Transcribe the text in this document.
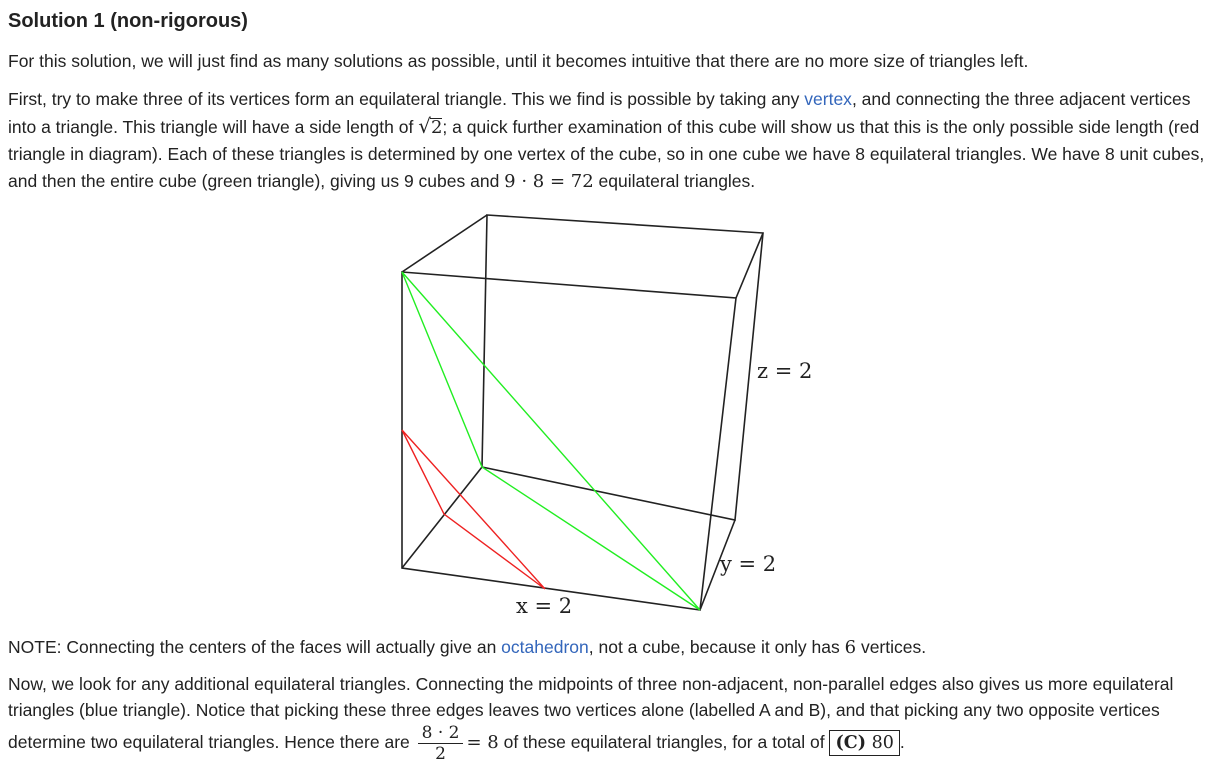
Solution 1 (non-rigorous)

For this solution, we will just find as many solutions as possible, until it becomes intuitive that there are no more size of triangles left.

First, try to make three of its vertices form an equilateral triangle. This we find is possible by taking any vertex, and connecting the three adjacent vertices into a triangle. This triangle will have a side length of √2; a quick further examination of this cube will show us that this is the only possible side length (red triangle in diagram). Each of these triangles is determined by one vertex of the cube, so in one cube we have 8 equilateral triangles. We have 8 unit cubes, and then the entire cube (green triangle), giving us 9 cubes and 9 · 8 = 72 equilateral triangles.

z = 2
y = 2
x = 2

NOTE: Connecting the centers of the faces will actually give an octahedron, not a cube, because it only has 6 vertices.

Now, we look for any additional equilateral triangles. Connecting the midpoints of three non-adjacent, non-parallel edges also gives us more equilateral triangles (blue triangle). Notice that picking these three edges leaves two vertices alone (labelled A and B), and that picking any two opposite vertices determine two equilateral triangles. Hence there are $\frac{8 \cdot 2}{2} = 8$ of these equilateral triangles, for a total of (C) 80 .
